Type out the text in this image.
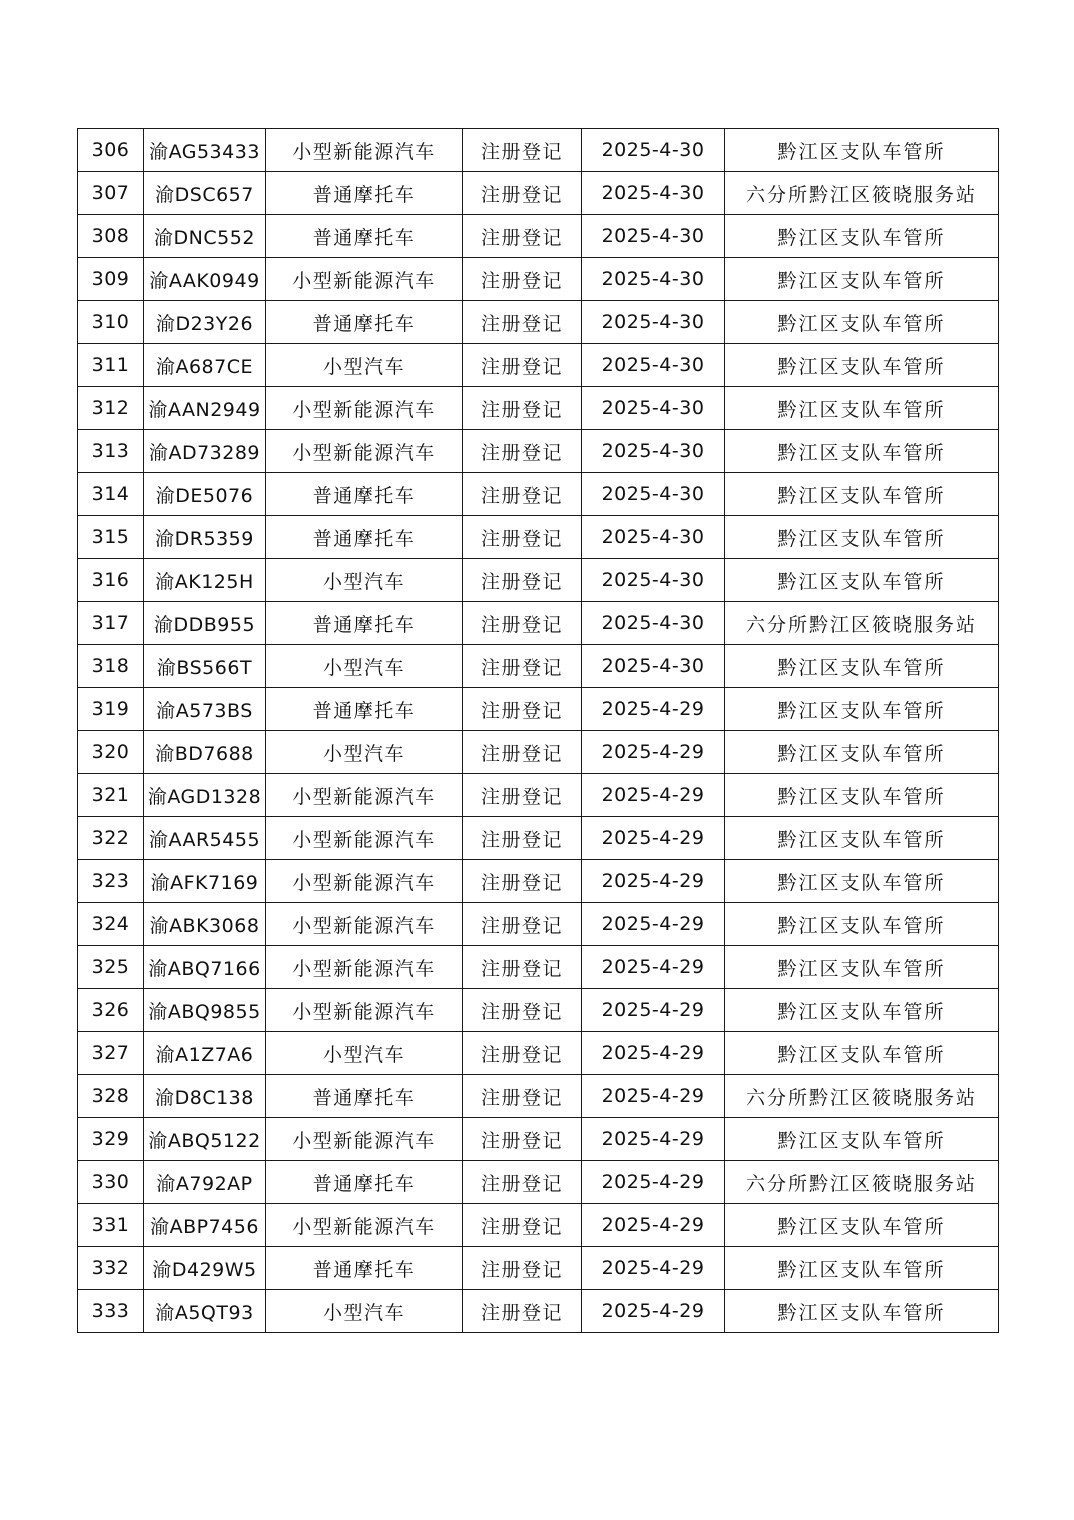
306	渝AG53433	小型新能源汽车	注册登记	2025-4-30	黔江区支队车管所
307	渝DSC657	普通摩托车	注册登记	2025-4-30	六分所黔江区筱晓服务站
308	渝DNC552	普通摩托车	注册登记	2025-4-30	黔江区支队车管所
309	渝AAK0949	小型新能源汽车	注册登记	2025-4-30	黔江区支队车管所
310	渝D23Y26	普通摩托车	注册登记	2025-4-30	黔江区支队车管所
311	渝A687CE	小型汽车	注册登记	2025-4-30	黔江区支队车管所
312	渝AAN2949	小型新能源汽车	注册登记	2025-4-30	黔江区支队车管所
313	渝AD73289	小型新能源汽车	注册登记	2025-4-30	黔江区支队车管所
314	渝DE5076	普通摩托车	注册登记	2025-4-30	黔江区支队车管所
315	渝DR5359	普通摩托车	注册登记	2025-4-30	黔江区支队车管所
316	渝AK125H	小型汽车	注册登记	2025-4-30	黔江区支队车管所
317	渝DDB955	普通摩托车	注册登记	2025-4-30	六分所黔江区筱晓服务站
318	渝BS566T	小型汽车	注册登记	2025-4-30	黔江区支队车管所
319	渝A573BS	普通摩托车	注册登记	2025-4-29	黔江区支队车管所
320	渝BD7688	小型汽车	注册登记	2025-4-29	黔江区支队车管所
321	渝AGD1328	小型新能源汽车	注册登记	2025-4-29	黔江区支队车管所
322	渝AAR5455	小型新能源汽车	注册登记	2025-4-29	黔江区支队车管所
323	渝AFK7169	小型新能源汽车	注册登记	2025-4-29	黔江区支队车管所
324	渝ABK3068	小型新能源汽车	注册登记	2025-4-29	黔江区支队车管所
325	渝ABQ7166	小型新能源汽车	注册登记	2025-4-29	黔江区支队车管所
326	渝ABQ9855	小型新能源汽车	注册登记	2025-4-29	黔江区支队车管所
327	渝A1Z7A6	小型汽车	注册登记	2025-4-29	黔江区支队车管所
328	渝D8C138	普通摩托车	注册登记	2025-4-29	六分所黔江区筱晓服务站
329	渝ABQ5122	小型新能源汽车	注册登记	2025-4-29	黔江区支队车管所
330	渝A792AP	普通摩托车	注册登记	2025-4-29	六分所黔江区筱晓服务站
331	渝ABP7456	小型新能源汽车	注册登记	2025-4-29	黔江区支队车管所
332	渝D429W5	普通摩托车	注册登记	2025-4-29	黔江区支队车管所
333	渝A5QT93	小型汽车	注册登记	2025-4-29	黔江区支队车管所
